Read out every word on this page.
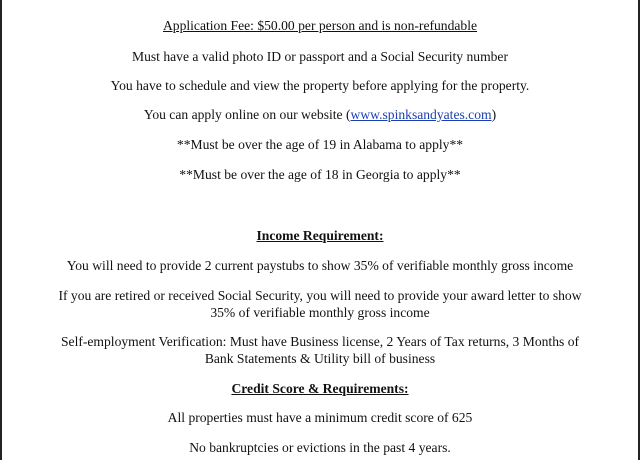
Application Fee: $50.00 per person and is non-refundable
Must have a valid photo ID or passport and a Social Security number
You have to schedule and view the property before applying for the property.
You can apply online on our website (www.spinksandyates.com)
**Must be over the age of 19 in Alabama to apply**
**Must be over the age of 18 in Georgia to apply**
Income Requirement:
You will need to provide 2 current paystubs to show 35% of verifiable monthly gross income
If you are retired or received Social Security, you will need to provide your award letter to show
35% of verifiable monthly gross income
Self-employment Verification: Must have Business license, 2 Years of Tax returns, 3 Months of
Bank Statements & Utility bill of business
Credit Score & Requirements:
All properties must have a minimum credit score of 625
No bankruptcies or evictions in the past 4 years.
